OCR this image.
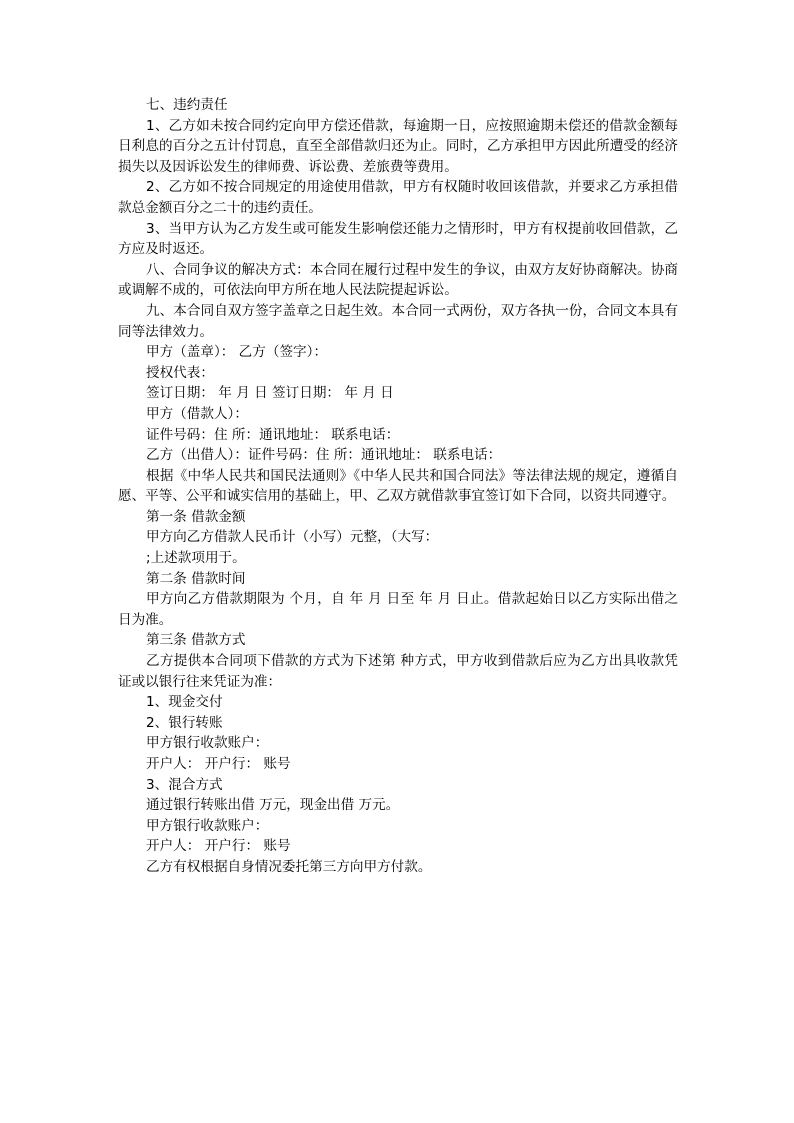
七、违约责任

1、乙方如未按合同约定向甲方偿还借款，每逾期一日，应按照逾期未偿还的借款金额每日利息的百分之五计付罚息，直至全部借款归还为止。同时，乙方承担甲方因此所遭受的经济损失以及因诉讼发生的律师费、诉讼费、差旅费等费用。

2、乙方如不按合同规定的用途使用借款，甲方有权随时收回该借款，并要求乙方承担借款总金额百分之二十的违约责任。

3、当甲方认为乙方发生或可能发生影响偿还能力之情形时，甲方有权提前收回借款，乙方应及时返还。

八、合同争议的解决方式：本合同在履行过程中发生的争议，由双方友好协商解决。协商或调解不成的，可依法向甲方所在地人民法院提起诉讼。

九、本合同自双方签字盖章之日起生效。本合同一式两份，双方各执一份，合同文本具有同等法律效力。

甲方（盖章）： 乙方（签字）：

授权代表：

签订日期： 年 月 日 签订日期： 年 月 日

甲方（借款人）：

证件号码：住 所：通讯地址： 联系电话：

乙方（出借人）：证件号码：住 所：通讯地址： 联系电话：

根据《中华人民共和国民法通则》《中华人民共和国合同法》等法律法规的规定，遵循自愿、平等、公平和诚实信用的基础上，甲、乙双方就借款事宜签订如下合同，以资共同遵守。

第一条 借款金额

甲方向乙方借款人民币计（小写）元整，（大写：

;上述款项用于。

第二条 借款时间

甲方向乙方借款期限为 个月，自 年 月 日至 年 月 日止。借款起始日以乙方实际出借之日为准。

第三条 借款方式

乙方提供本合同项下借款的方式为下述第 种方式，甲方收到借款后应为乙方出具收款凭证或以银行往来凭证为准：

1、现金交付

2、银行转账

甲方银行收款账户：

开户人： 开户行： 账号

3、混合方式

通过银行转账出借 万元，现金出借 万元。

甲方银行收款账户：

开户人： 开户行： 账号

乙方有权根据自身情况委托第三方向甲方付款。
